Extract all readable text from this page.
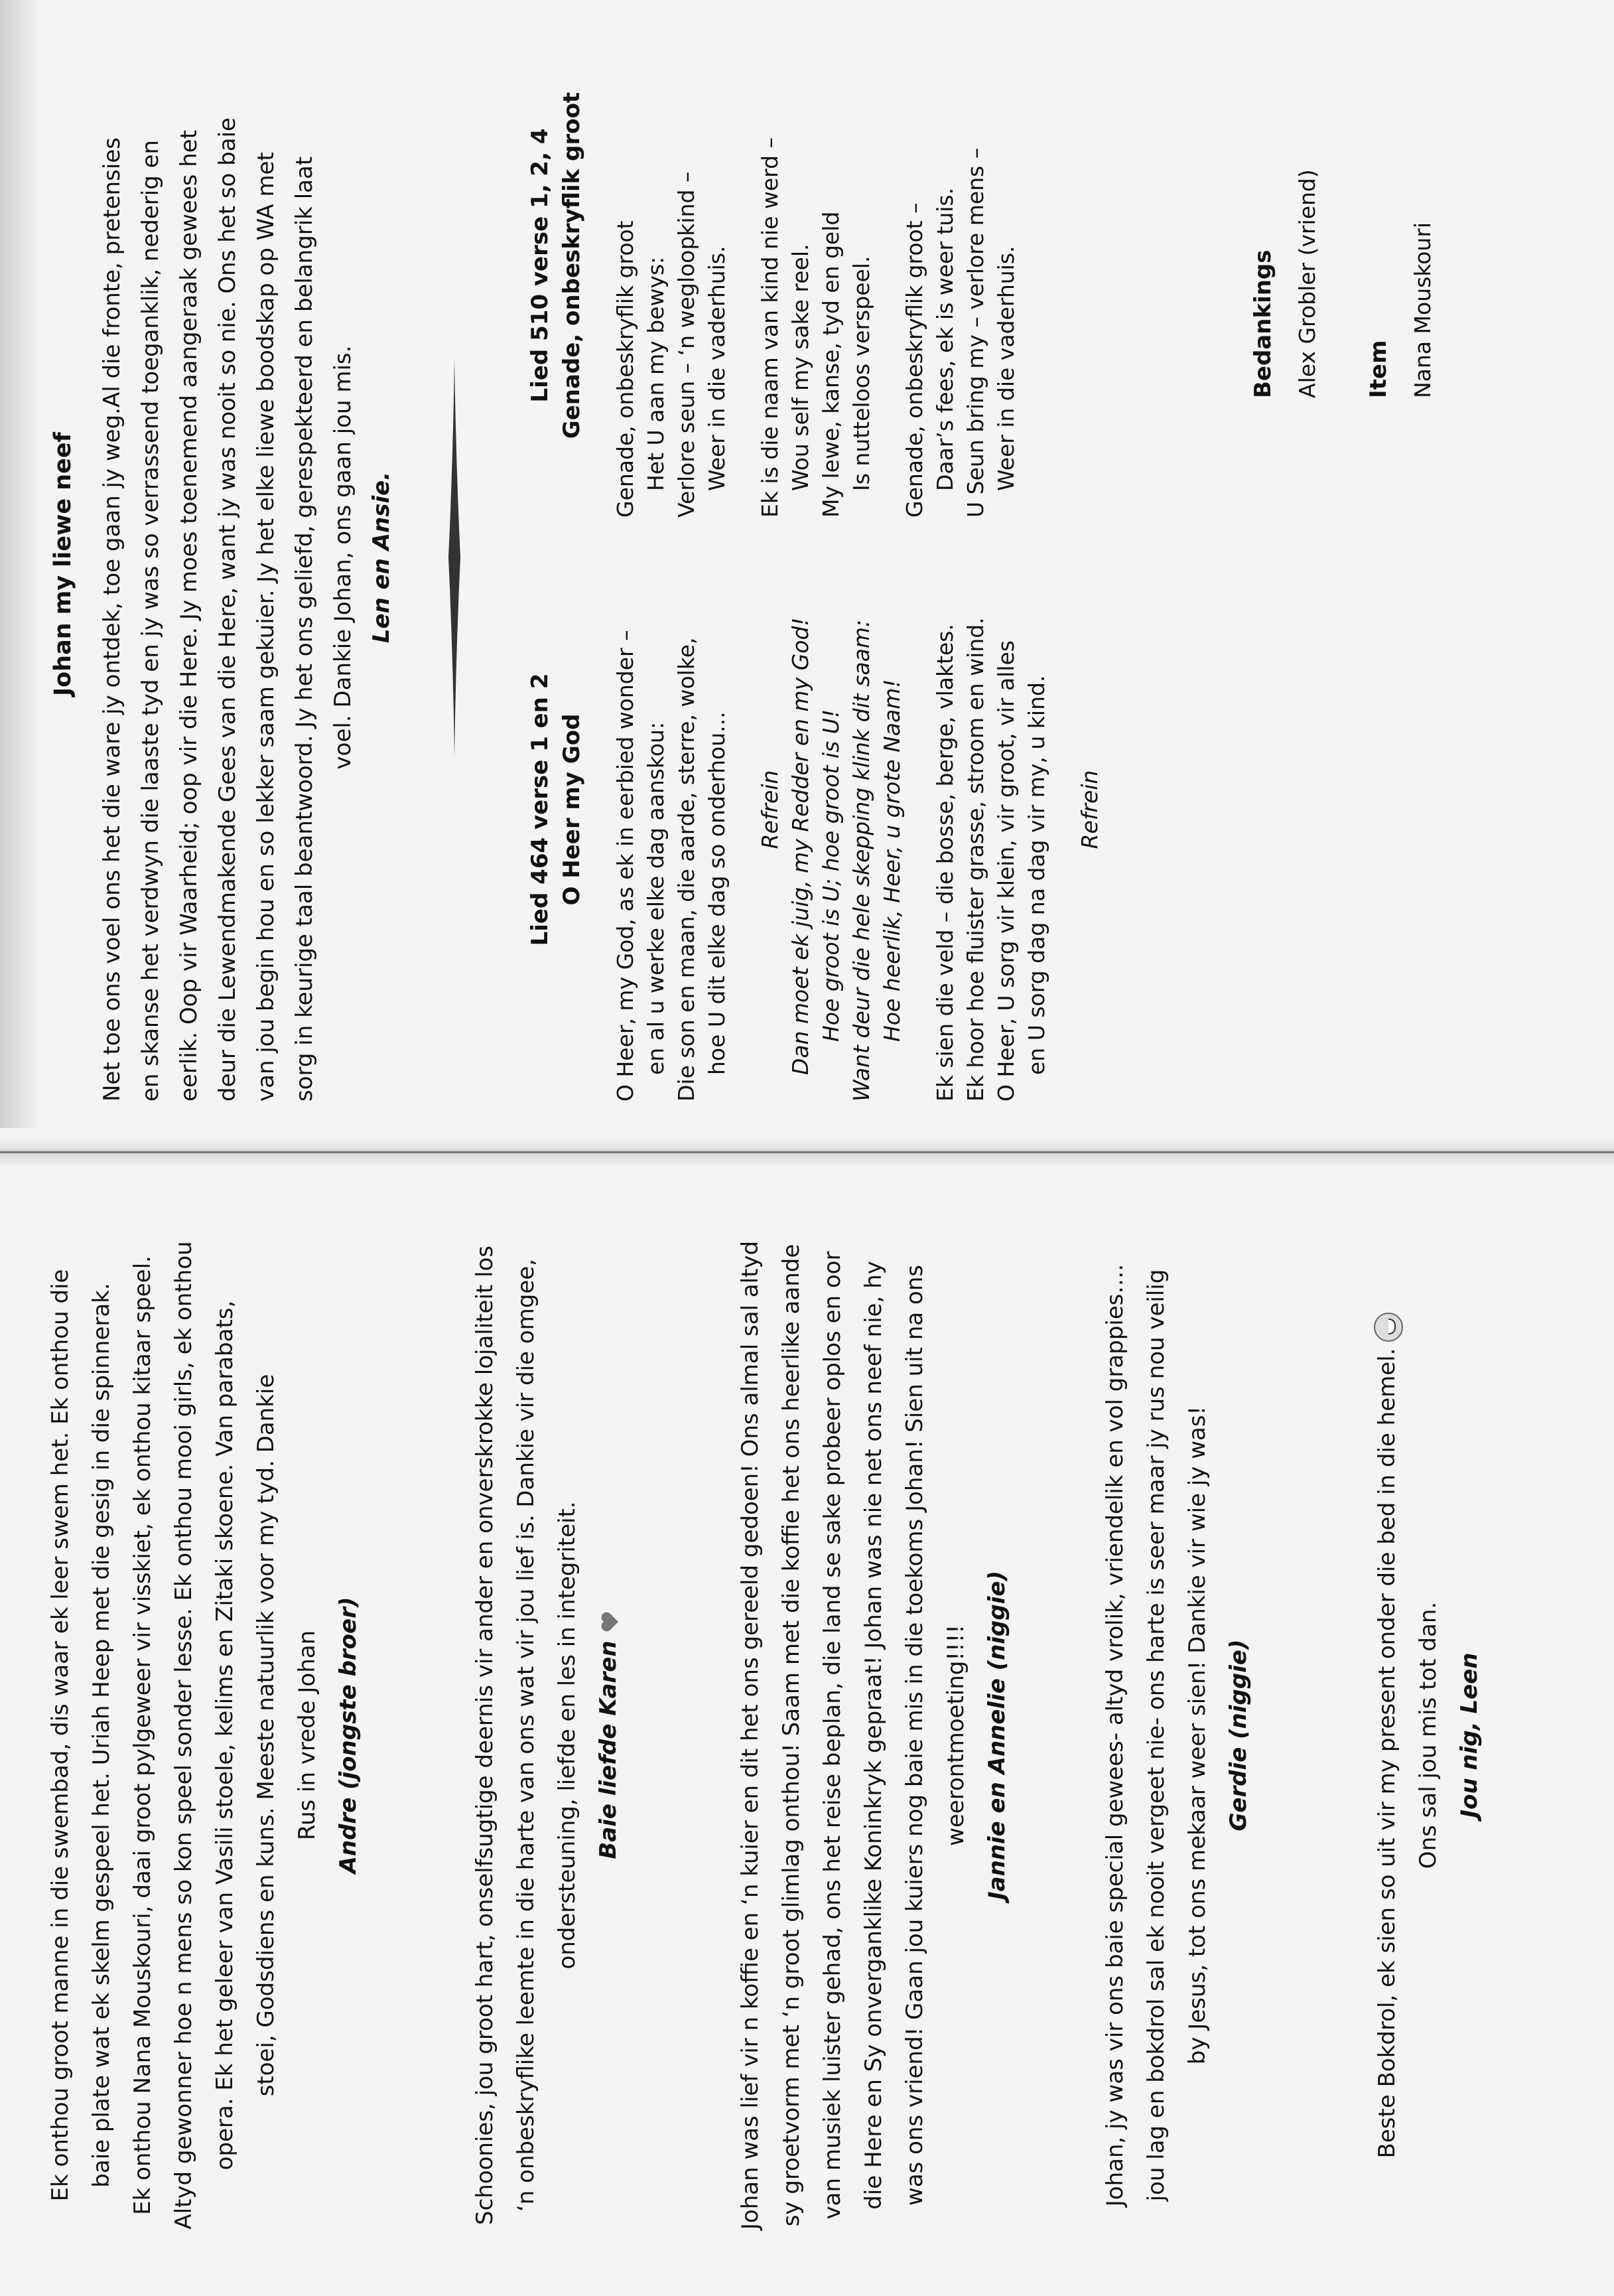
Ek onthou groot manne in die swembad, dis waar ek leer swem het. Ek onthou die baie plate wat ek skelm gespeel het. Uriah Heep met die gesig in die spinnerak. Ek onthou Nana Mouskouri, daai groot pylgeweer vir visskiet, ek onthou kitaar speel. Altyd gewonner hoe n mens so kon speel sonder lesse. Ek onthou mooi girls, ek onthou opera. Ek het geleer van Vasili stoele, kelims en Zitaki skoene. Van parabats, stoei, Godsdiens en kuns. Meeste natuurlik voor my tyd. Dankie Rus in vrede Johan Andre (jongste broer)	Schoonies, jou groot hart, onselfsugtige deernis vir ander en onverskrokke lojaliteit los ‘n onbeskryflike leemte in die harte van ons wat vir jou lief is. Dankie vir die omgee, ondersteuning, liefde en les in integriteit. Baie liefde Karen	Johan was lief vir n koffie en ‘n kuier en dit het ons gereeld gedoen! Ons almal sal altyd sy groetvorm met ‘n groot glimlag onthou! Saam met die koffie het ons heerlike aande van musiek luister gehad, ons het reise beplan, die land se sake probeer oplos en oor die Here en Sy onverganklike Koninkryk gepraat! Johan was nie net ons neef nie, hy was ons vriend! Gaan jou kuiers nog baie mis in die toekoms Johan! Sien uit na ons weerontmoeting!!!! Jannie en Annelie (niggie)	Johan, jy was vir ons baie special gewees- altyd vrolik, vriendelik en vol grappies…. jou lag en bokdrol sal ek nooit vergeet nie- ons harte is seer maar jy rus nou veilig by Jesus, tot ons mekaar weer sien! Dankie vir wie jy was! Gerdie (niggie)	Beste Bokdrol, ek sien so uit vir my present onder die bed in die hemel. Ons sal jou mis tot dan. Jou nig, Leen

Johan my liewe neef Net toe ons voel ons het die ware jy ontdek, toe gaan jy weg.Al die fronte, pretensies en skanse het verdwyn die laaste tyd en jy was so verrassend toeganklik, nederig en eerlik. Oop vir Waarheid; oop vir die Here. Jy moes toenemend aangeraak gewees het deur die Lewendmakende Gees van die Here, want jy was nooit so nie. Ons het so baie van jou begin hou en so lekker saam gekuier. Jy het elke liewe boodskap op WA met sorg in keurige taal beantwoord. Jy het ons geliefd, gerespekteerd en belangrik laat voel. Dankie Johan, ons gaan jou mis. Len en Ansie.

Lied 464 verse 1 en 2 O Heer my God O Heer, my God, as ek in eerbied wonder – en al u werke elke dag aanskou: Die son en maan, die aarde, sterre, wolke, hoe U dit elke dag so onderhou... Refrein Dan moet ek juig, my Redder en my God! Hoe groot is U; hoe groot is U! Want deur die hele skepping klink dit saam: Hoe heerlik, Heer, u grote Naam! Ek sien die veld – die bosse, berge, vlaktes. Ek hoor hoe fluister grasse, stroom en wind. O Heer, U sorg vir klein, vir groot, vir alles en U sorg dag na dag vir my, u kind. Refrein

Lied 510 verse 1, 2, 4 Genade, onbeskryflik groot Genade, onbeskryflik groot Het U aan my bewys: Verlore seun – ‘n wegloopkind – Weer in die vaderhuis. Ek is die naam van kind nie werd – Wou self my sake reel. My lewe, kanse, tyd en geld Is nutteloos verspeel. Genade, onbeskryflik groot – Daar’s fees, ek is weer tuis. U Seun bring my – verlore mens – Weer in die vaderhuis.	Bedankings Alex Grobler (vriend) Item Nana Mouskouri
